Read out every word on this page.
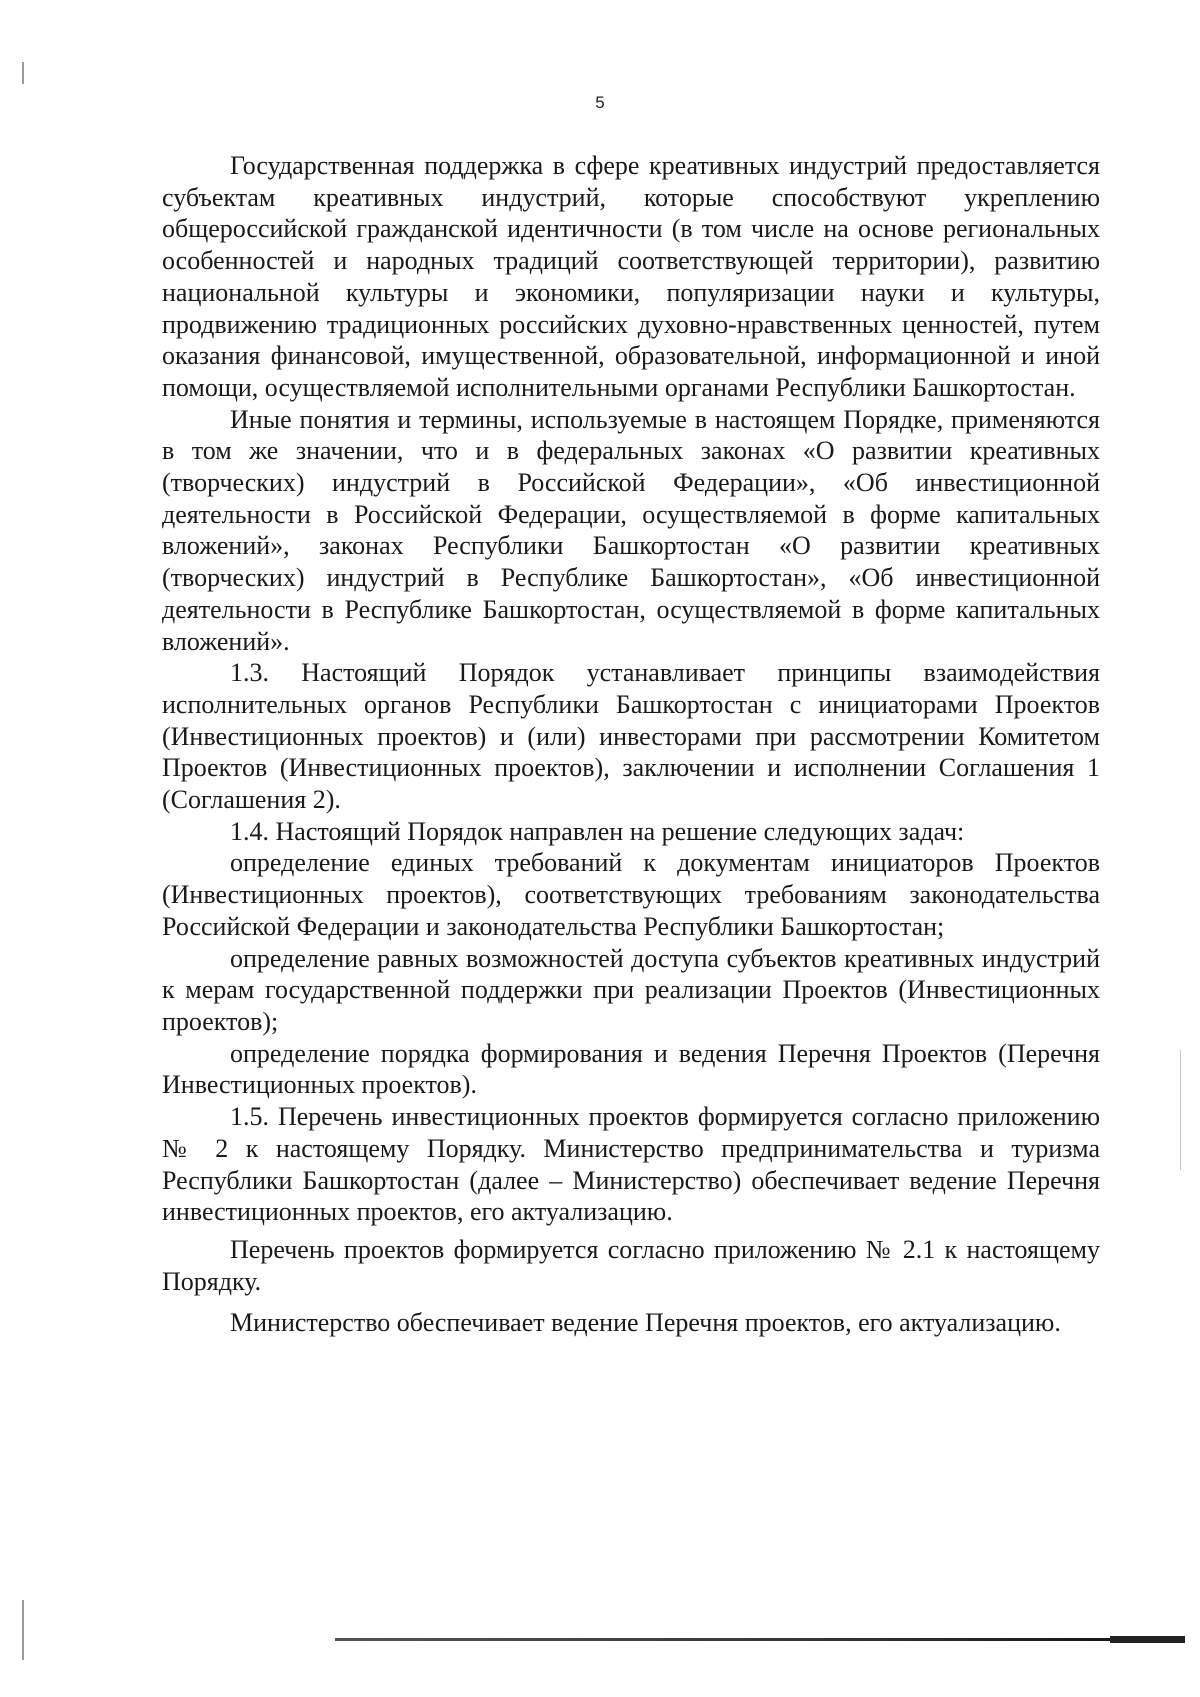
5

Государственная поддержка в сфере креативных индустрий предоставляется субъектам креативных индустрий, которые способствуют укреплению общероссийской гражданской идентичности (в том числе на основе региональных особенностей и народных традиций соответствующей территории), развитию национальной культуры и экономики, популяризации науки и культуры, продвижению традиционных российских духовно-нравственных ценностей, путем оказания финансовой, имущественной, образовательной, информационной и иной помощи, осуществляемой исполнительными органами Республики Башкортостан.

Иные понятия и термины, используемые в настоящем Порядке, применяются в том же значении, что и в федеральных законах «О развитии креативных (творческих) индустрий в Российской Федерации», «Об инвестиционной деятельности в Российской Федерации, осуществляемой в форме капитальных вложений», законах Республики Башкортостан «О развитии креативных (творческих) индустрий в Республике Башкортостан», «Об инвестиционной деятельности в Республике Башкортостан, осуществляемой в форме капитальных вложений».

1.3. Настоящий Порядок устанавливает принципы взаимодействия исполнительных органов Республики Башкортостан с инициаторами Проектов (Инвестиционных проектов) и (или) инвесторами при рассмотрении Комитетом Проектов (Инвестиционных проектов), заключении и исполнении Соглашения 1 (Соглашения 2).

1.4. Настоящий Порядок направлен на решение следующих задач:

определение единых требований к документам инициаторов Проектов (Инвестиционных проектов), соответствующих требованиям законодательства Российской Федерации и законодательства Республики Башкортостан;

определение равных возможностей доступа субъектов креативных индустрий к мерам государственной поддержки при реализации Проектов (Инвестиционных проектов);

определение порядка формирования и ведения Перечня Проектов (Перечня Инвестиционных проектов).

1.5. Перечень инвестиционных проектов формируется согласно приложению № 2 к настоящему Порядку. Министерство предпринимательства и туризма Республики Башкортостан (далее – Министерство) обеспечивает ведение Перечня инвестиционных проектов, его актуализацию.

Перечень проектов формируется согласно приложению № 2.1 к настоящему Порядку.

Министерство обеспечивает ведение Перечня проектов, его актуализацию.
